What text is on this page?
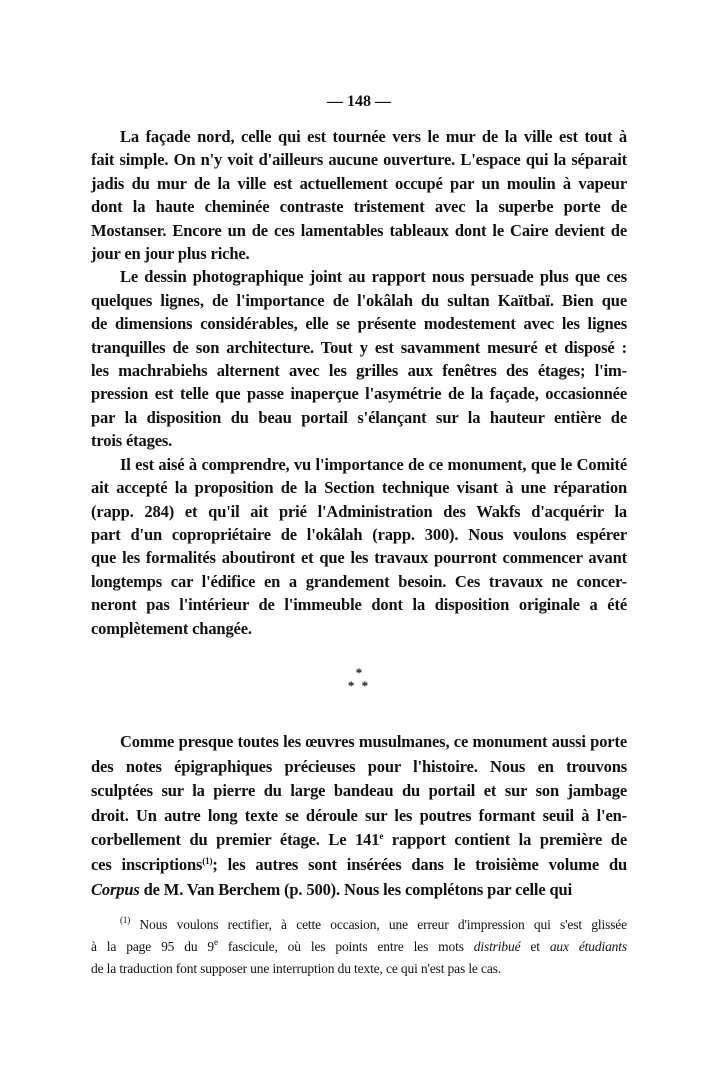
— 148 —
La façade nord, celle qui est tournée vers le mur de la ville est tout à
fait simple. On n'y voit d'ailleurs aucune ouverture. L'espace qui la séparait
jadis du mur de la ville est actuellement occupé par un moulin à vapeur
dont la haute cheminée contraste tristement avec la superbe porte de
Mostanser. Encore un de ces lamentables tableaux dont le Caire devient de
jour en jour plus riche.
Le dessin photographique joint au rapport nous persuade plus que ces
quelques lignes, de l'importance de l'okâlah du sultan Kaïtbaï. Bien que
de dimensions considérables, elle se présente modestement avec les lignes
tranquilles de son architecture. Tout y est savamment mesuré et disposé :
les machrabiehs alternent avec les grilles aux fenêtres des étages; l'im-
pression est telle que passe inaperçue l'asymétrie de la façade, occasionnée
par la disposition du beau portail s'élançant sur la hauteur entière de
trois étages.
Il est aisé à comprendre, vu l'importance de ce monument, que le Comité
ait accepté la proposition de la Section technique visant à une réparation
(rapp. 284) et qu'il ait prié l'Administration des Wakfs d'acquérir la
part d'un copropriétaire de l'okâlah (rapp. 300). Nous voulons espérer
que les formalités aboutiront et que les travaux pourront commencer avant
longtemps car l'édifice en a grandement besoin. Ces travaux ne concer-
neront pas l'intérieur de l'immeuble dont la disposition originale a été
complètement changée.
*
* *
Comme presque toutes les œuvres musulmanes, ce monument aussi porte
des notes épigraphiques précieuses pour l'histoire. Nous en trouvons
sculptées sur la pierre du large bandeau du portail et sur son jambage
droit. Un autre long texte se déroule sur les poutres formant seuil à l'en-
corbellement du premier étage. Le 141e rapport contient la première de
ces inscriptions$^{(1)}$; les autres sont insérées dans le troisième volume du
Corpus de M. Van Berchem (p. 500). Nous les complétons par celle qui
$^{(1)}$ Nous voulons rectifier, à cette occasion, une erreur d'impression qui s'est glissée
à la page 95 du 9e fascicule, où les points entre les mots distribué et aux étudiants
de la traduction font supposer une interruption du texte, ce qui n'est pas le cas.
